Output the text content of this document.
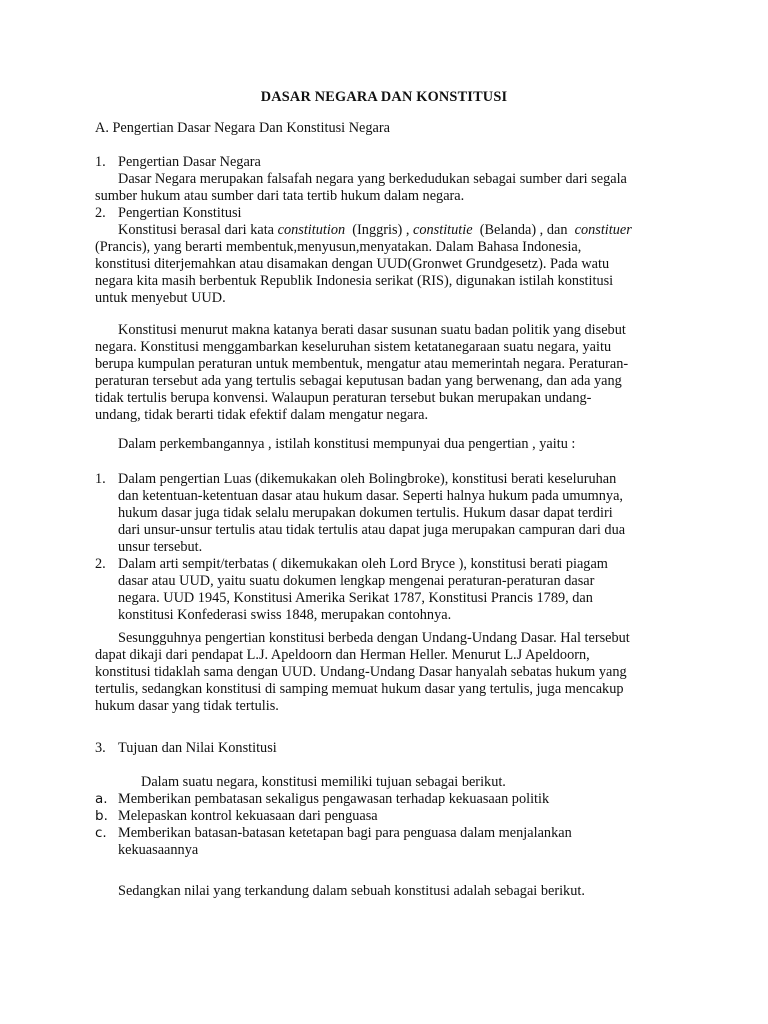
DASAR NEGARA DAN KONSTITUSI
A. Pengertian Dasar Negara Dan Konstitusi Negara
1. Pengertian Dasar Negara
Dasar Negara merupakan falsafah negara yang berkedudukan sebagai sumber dari segala
sumber hukum atau sumber dari tata tertib hukum dalam negara.
2. Pengertian Konstitusi
Konstitusi berasal dari kata constitution  (Inggris) , constitutie  (Belanda) , dan  constituer
(Prancis), yang berarti membentuk,menyusun,menyatakan. Dalam Bahasa Indonesia,
konstitusi diterjemahkan atau disamakan dengan UUD(Gronwet Grundgesetz). Pada watu
negara kita masih berbentuk Republik Indonesia serikat (RIS), digunakan istilah konstitusi
untuk menyebut UUD.
Konstitusi menurut makna katanya berati dasar susunan suatu badan politik yang disebut
negara. Konstitusi menggambarkan keseluruhan sistem ketatanegaraan suatu negara, yaitu
berupa kumpulan peraturan untuk membentuk, mengatur atau memerintah negara. Peraturan-
peraturan tersebut ada yang tertulis sebagai keputusan badan yang berwenang, dan ada yang
tidak tertulis berupa konvensi. Walaupun peraturan tersebut bukan merupakan undang-
undang, tidak berarti tidak efektif dalam mengatur negara.
Dalam perkembangannya , istilah konstitusi mempunyai dua pengertian , yaitu :
1. Dalam pengertian Luas (dikemukakan oleh Bolingbroke), konstitusi berati keseluruhan
dan ketentuan-ketentuan dasar atau hukum dasar. Seperti halnya hukum pada umumnya,
hukum dasar juga tidak selalu merupakan dokumen tertulis. Hukum dasar dapat terdiri
dari unsur-unsur tertulis atau tidak tertulis atau dapat juga merupakan campuran dari dua
unsur tersebut.
2. Dalam arti sempit/terbatas ( dikemukakan oleh Lord Bryce ), konstitusi berati piagam
dasar atau UUD, yaitu suatu dokumen lengkap mengenai peraturan-peraturan dasar
negara. UUD 1945, Konstitusi Amerika Serikat 1787, Konstitusi Prancis 1789, dan
konstitusi Konfederasi swiss 1848, merupakan contohnya.
Sesungguhnya pengertian konstitusi berbeda dengan Undang-Undang Dasar. Hal tersebut
dapat dikaji dari pendapat L.J. Apeldoorn dan Herman Heller. Menurut L.J Apeldoorn,
konstitusi tidaklah sama dengan UUD. Undang-Undang Dasar hanyalah sebatas hukum yang
tertulis, sedangkan konstitusi di samping memuat hukum dasar yang tertulis, juga mencakup
hukum dasar yang tidak tertulis.
3. Tujuan dan Nilai Konstitusi
Dalam suatu negara, konstitusi memiliki tujuan sebagai berikut.
a. Memberikan pembatasan sekaligus pengawasan terhadap kekuasaan politik
b. Melepaskan kontrol kekuasaan dari penguasa
c. Memberikan batasan-batasan ketetapan bagi para penguasa dalam menjalankan
kekuasaannya
Sedangkan nilai yang terkandung dalam sebuah konstitusi adalah sebagai berikut.
